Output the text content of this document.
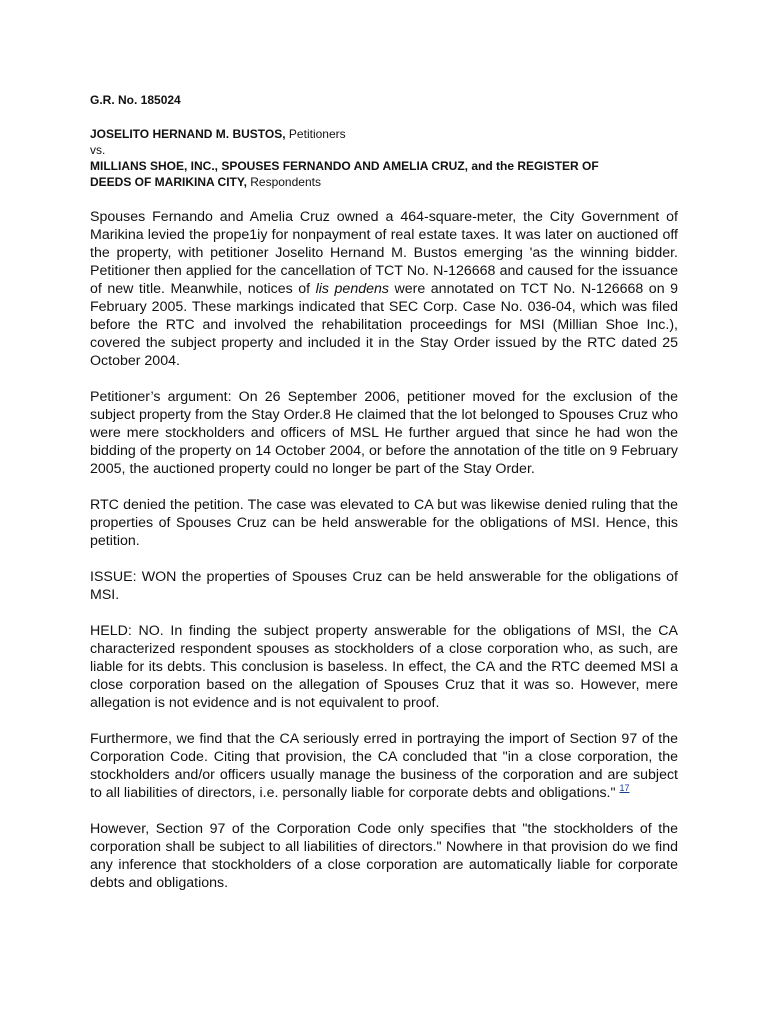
G.R. No. 185024
JOSELITO HERNAND M. BUSTOS, Petitioners
vs.
MILLIANS SHOE, INC., SPOUSES FERNANDO AND AMELIA CRUZ, and the REGISTER OF
DEEDS OF MARIKINA CITY, Respondents

Spouses Fernando and Amelia Cruz owned a 464-square-meter, the City Government of Marikina levied the prope1iy for nonpayment of real estate taxes. It was later on auctioned off the property, with petitioner Joselito Hernand M. Bustos emerging 'as the winning bidder. Petitioner then applied for the cancellation of TCT No. N-126668 and caused for the issuance of new title. Meanwhile, notices of lis pendens were annotated on TCT No. N-126668 on 9 February 2005. These markings indicated that SEC Corp. Case No. 036-04, which was filed before the RTC and involved the rehabilitation proceedings for MSI (Millian Shoe Inc.), covered the subject property and included it in the Stay Order issued by the RTC dated 25 October 2004.

Petitioner’s argument: On 26 September 2006, petitioner moved for the exclusion of the subject property from the Stay Order.8 He claimed that the lot belonged to Spouses Cruz who were mere stockholders and officers of MSL He further argued that since he had won the bidding of the property on 14 October 2004, or before the annotation of the title on 9 February 2005, the auctioned property could no longer be part of the Stay Order.

RTC denied the petition. The case was elevated to CA but was likewise denied ruling that the properties of Spouses Cruz can be held answerable for the obligations of MSI. Hence, this petition.

ISSUE: WON the properties of Spouses Cruz can be held answerable for the obligations of MSI.

HELD: NO. In finding the subject property answerable for the obligations of MSI, the CA characterized respondent spouses as stockholders of a close corporation who, as such, are liable for its debts. This conclusion is baseless. In effect, the CA and the RTC deemed MSI a close corporation based on the allegation of Spouses Cruz that it was so. However, mere allegation is not evidence and is not equivalent to proof.

Furthermore, we find that the CA seriously erred in portraying the import of Section 97 of the Corporation Code. Citing that provision, the CA concluded that "in a close corporation, the stockholders and/or officers usually manage the business of the corporation and are subject to all liabilities of directors, i.e. personally liable for corporate debts and obligations." $^{17}$

However, Section 97 of the Corporation Code only specifies that "the stockholders of the corporation shall be subject to all liabilities of directors." Nowhere in that provision do we find any inference that stockholders of a close corporation are automatically liable for corporate debts and obligations.
